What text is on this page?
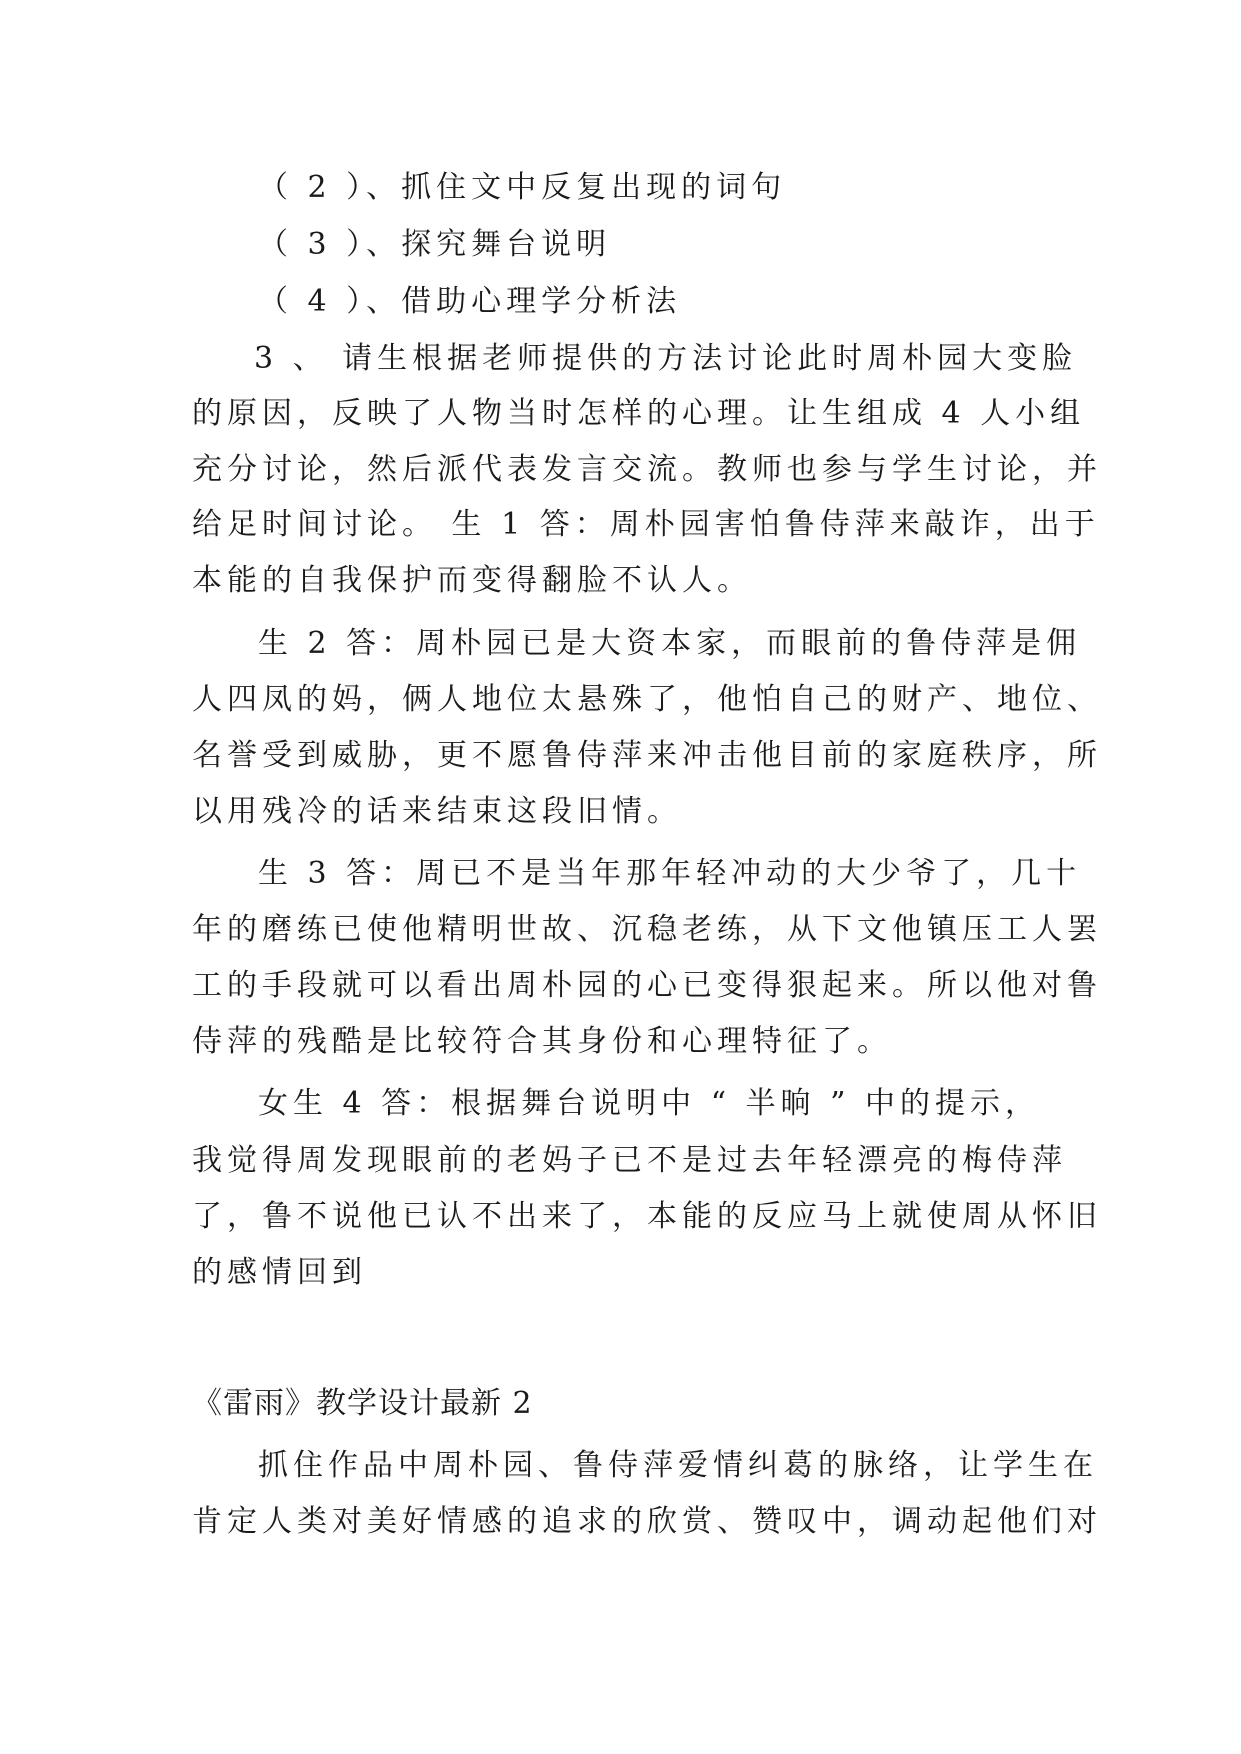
（ 2 ）、抓住文中反复出现的词句
（ 3 ）、探究舞台说明
（ 4 ）、借助心理学分析法
3 、 请生根据老师提供的方法讨论此时周朴园大变脸
的原因，反映了人物当时怎样的心理。让生组成 4 人小组
充分讨论，然后派代表发言交流。教师也参与学生讨论，并
给足时间讨论。 生 1 答：周朴园害怕鲁侍萍来敲诈，出于
本能的自我保护而变得翻脸不认人。
生 2 答：周朴园已是大资本家，而眼前的鲁侍萍是佣
人四凤的妈，俩人地位太悬殊了，他怕自己的财产、地位、
名誉受到威胁，更不愿鲁侍萍来冲击他目前的家庭秩序，所
以用残冷的话来结束这段旧情。
生 3 答：周已不是当年那年轻冲动的大少爷了，几十
年的磨练已使他精明世故、沉稳老练，从下文他镇压工人罢
工的手段就可以看出周朴园的心已变得狠起来。所以他对鲁
侍萍的残酷是比较符合其身份和心理特征了。
女生 4 答：根据舞台说明中 “ 半晌 ” 中的提示，
我觉得周发现眼前的老妈子已不是过去年轻漂亮的梅侍萍
了，鲁不说他已认不出来了，本能的反应马上就使周从怀旧
的感情回到
《雷雨》教学设计最新 2
抓住作品中周朴园、鲁侍萍爱情纠葛的脉络，让学生在
肯定人类对美好情感的追求的欣赏、赞叹中，调动起他们对
